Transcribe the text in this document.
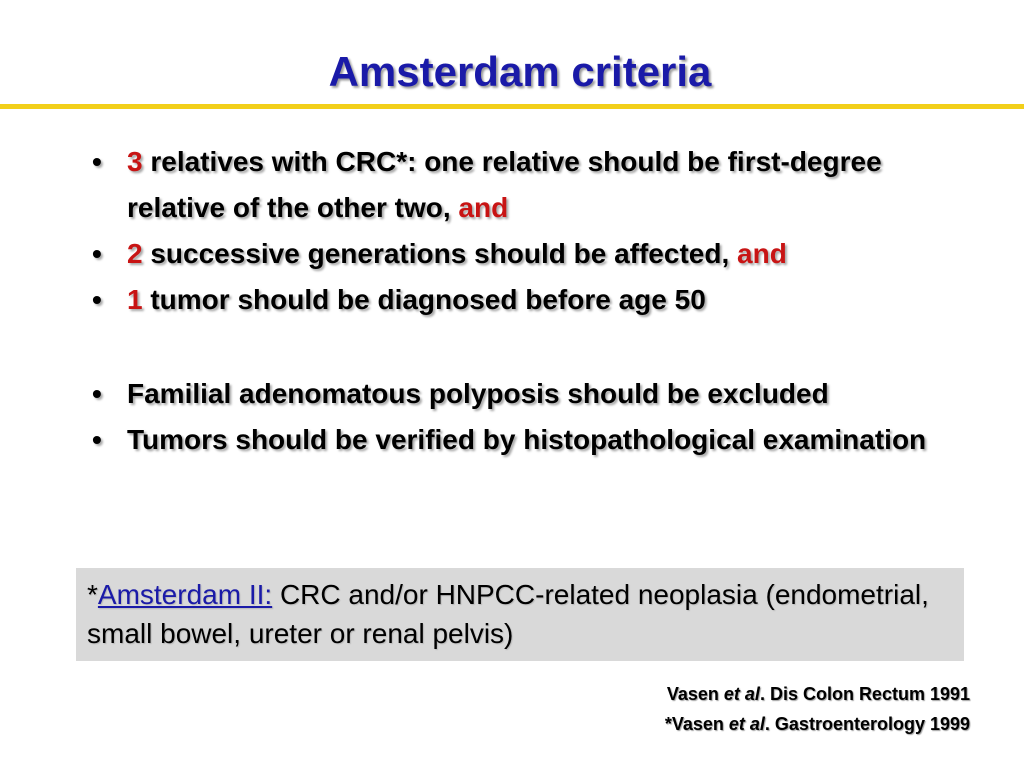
Amsterdam criteria
• 3 relatives with CRC*: one relative should be first-degree relative of the other two, and
• 2 successive generations should be affected, and
• 1 tumor should be diagnosed before age 50
• Familial adenomatous polyposis should be excluded
• Tumors should be verified by histopathological examination
*Amsterdam II: CRC and/or HNPCC-related neoplasia (endometrial, small bowel, ureter or renal pelvis)
Vasen et al. Dis Colon Rectum 1991
*Vasen et al. Gastroenterology 1999
